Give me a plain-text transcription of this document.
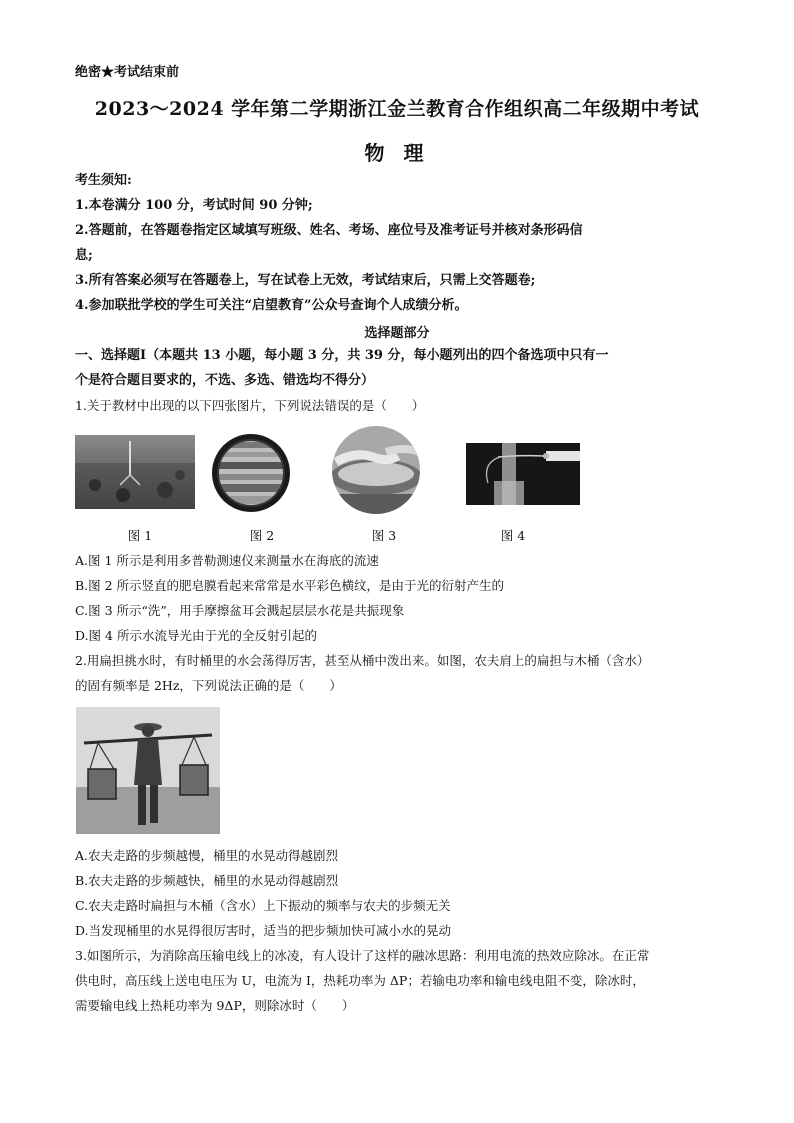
绝密★考试结束前
2023～2024 学年第二学期浙江金兰教育合作组织高二年级期中考试
物 理
考生须知:
1.本卷满分 100 分，考试时间 90 分钟;
2.答题前，在答题卷指定区域填写班级、姓名、考场、座位号及准考证号并核对条形码信
息;
3.所有答案必须写在答题卷上，写在试卷上无效，考试结束后，只需上交答题卷;
4.参加联批学校的学生可关注“启望教育”公众号查询个人成绩分析。
选择题部分
一、选择题Ⅰ（本题共 13 小题，每小题 3 分，共 39 分，每小题列出的四个备选项中只有一
个是符合题目要求的，不选、多选、错选均不得分）
1.关于教材中出现的以下四张图片，下列说法错误的是（　　）
图 1	图 2	图 3	图 4
A.图 1 所示是利用多普勒测速仪来测量水在海底的流速
B.图 2 所示竖直的肥皂膜看起来常常是水平彩色横纹，是由于光的衍射产生的
C.图 3 所示“洗”，用手摩擦盆耳会溅起层层水花是共振现象
D.图 4 所示水流导光由于光的全反射引起的
2.用扁担挑水时，有时桶里的水会荡得厉害，甚至从桶中泼出来。如图，农夫肩上的扁担与木桶（含水）
的固有频率是 2Hz，下列说法正确的是（　　）
A.农夫走路的步频越慢，桶里的水晃动得越剧烈
B.农夫走路的步频越快，桶里的水晃动得越剧烈
C.农夫走路时扁担与木桶（含水）上下振动的频率与农夫的步频无关
D.当发现桶里的水晃得很厉害时，适当的把步频加快可减小水的晃动
3.如图所示，为消除高压输电线上的冰凌，有人设计了这样的融冰思路：利用电流的热效应除冰。在正常
供电时，高压线上送电电压为 U，电流为 I，热耗功率为 ΔP；若输电功率和输电线电阻不变，除冰时，
需要输电线上热耗功率为 9ΔP，则除冰时（　　）
